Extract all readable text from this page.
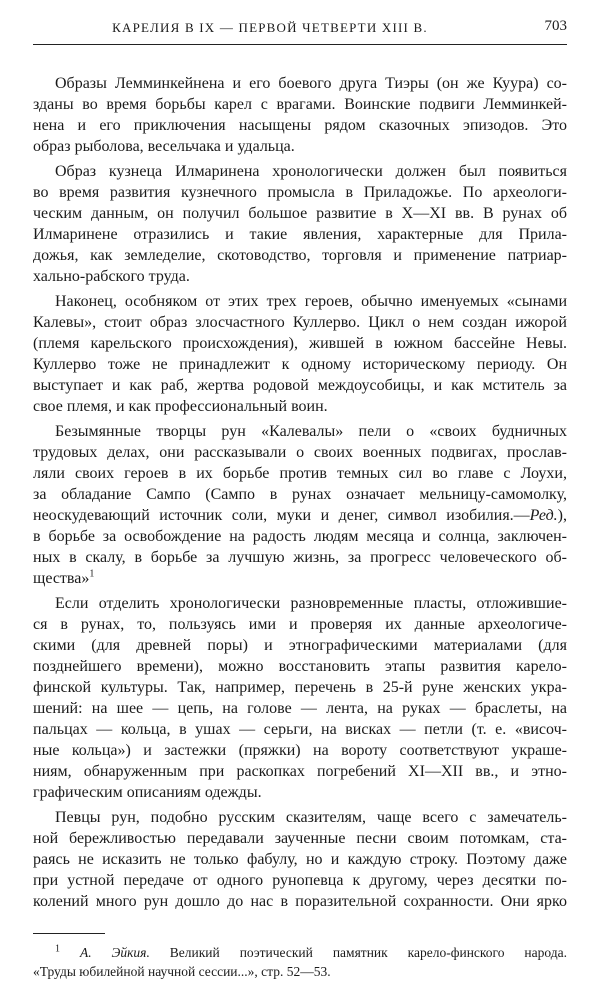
КАРЕЛИЯ В IX — ПЕРВОЙ ЧЕТВЕРТИ XIII В.	703
Образы Лемминкейнена и его боевого друга Тиэры (он же Куура) со-
зданы во время борьбы карел с врагами. Воинские подвиги Лемминкей-
нена и его приключения насыщены рядом сказочных эпизодов. Это
образ рыболова, весельчака и удальца.
Образ кузнеца Илмаринена хронологически должен был появиться
во время развития кузнечного промысла в Приладожье. По археологи-
ческим данным, он получил большое развитие в X—XI вв. В рунах об
Илмаринене отразились и такие явления, характерные для Прила-
дожья, как земледелие, скотоводство, торговля и применение патриар-
хально-рабского труда.
Наконец, особняком от этих трех героев, обычно именуемых «сынами
Калевы», стоит образ злосчастного Куллерво. Цикл о нем создан ижорой
(племя карельского происхождения), жившей в южном бассейне Невы.
Куллерво тоже не принадлежит к одному историческому периоду. Он
выступает и как раб, жертва родовой междоусобицы, и как мститель за
свое племя, и как профессиональный воин.
Безымянные творцы рун «Калевалы» пели о «своих будничных
трудовых делах, они рассказывали о своих военных подвигах, прослав-
ляли своих героев в их борьбе против темных сил во главе с Лоухи,
за обладание Сампо (Сампо в рунах означает мельницу-самомолку,
неоскудевающий источник соли, муки и денег, символ изобилия.—Ред.),
в борьбе за освобождение на радость людям месяца и солнца, заключен-
ных в скалу, в борьбе за лучшую жизнь, за прогресс человеческого об-
щества»$^1$
Если отделить хронологически разновременные пласты, отложившие-
ся в рунах, то, пользуясь ими и проверяя их данные археологиче-
скими (для древней поры) и этнографическими материалами (для
позднейшего времени), можно восстановить этапы развития карело-
финской культуры. Так, например, перечень в 25-й руне женских укра-
шений: на шее — цепь, на голове — лента, на руках — браслеты, на
пальцах — кольца, в ушах — серьги, на висках — петли (т. е. «височ-
ные кольца») и застежки (пряжки) на вороту соответствуют украше-
ниям, обнаруженным при раскопках погребений XI—XII вв., и этно-
графическим описаниям одежды.
Певцы рун, подобно русским сказителям, чаще всего с замечатель-
ной бережливостью передавали заученные песни своим потомкам, ста-
раясь не исказить не только фабулу, но и каждую строку. Поэтому даже
при устной передаче от одного рунопевца к другому, через десятки по-
колений много рун дошло до нас в поразительной сохранности. Они ярко
$^1$ А. Эйкия. Великий поэтический памятник карело-финского народа.
«Труды юбилейной научной сессии...», стр. 52—53.
